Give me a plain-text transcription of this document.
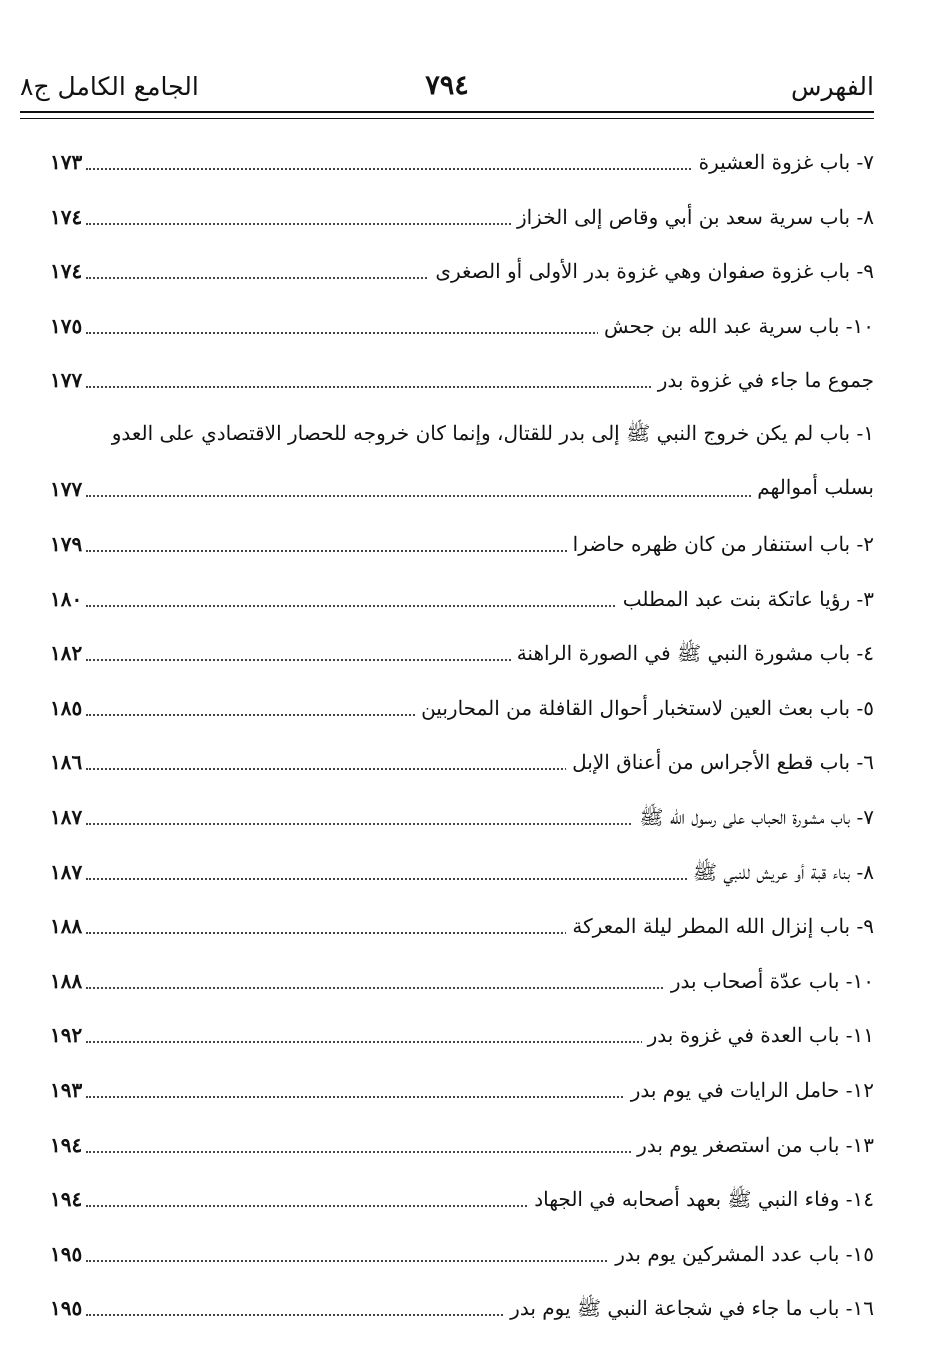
الفهرس
٧٩٤
الجامع الكامل ج٨
٧- باب غزوة العشيرة
١٧٣
٨- باب سرية سعد بن أبي وقاص إلى الخزاز
١٧٤
٩- باب غزوة صفوان وهي غزوة بدر الأولى أو الصغرى
١٧٤
١٠- باب سرية عبد الله بن جحش
١٧٥
جموع ما جاء في غزوة بدر
١٧٧
١- باب لم يكن خروج النبي ﷺ إلى بدر للقتال، وإنما كان خروجه للحصار الاقتصادي على العدو
بسلب أموالهم
١٧٧
٢- باب استنفار من كان ظهره حاضرا
١٧٩
٣- رؤيا عاتكة بنت عبد المطلب
١٨٠
٤- باب مشورة النبي ﷺ في الصورة الراهنة
١٨٢
٥- باب بعث العين لاستخبار أحوال القافلة من المحاربين
١٨٥
٦- باب قطع الأجراس من أعناق الإبل
١٨٦
٧- باب مشورة الحباب على رسول الله ﷺ
١٨٧
٨- بناء قبة أو عريش للنبي ﷺ
١٨٧
٩- باب إنزال الله المطر ليلة المعركة
١٨٨
١٠- باب عدّة أصحاب بدر
١٨٨
١١- باب العدة في غزوة بدر
١٩٢
١٢- حامل الرايات في يوم بدر
١٩٣
١٣- باب من استصغر يوم بدر
١٩٤
١٤- وفاء النبي ﷺ بعهد أصحابه في الجهاد
١٩٤
١٥- باب عدد المشركين يوم بدر
١٩٥
١٦- باب ما جاء في شجاعة النبي ﷺ يوم بدر
١٩٥
